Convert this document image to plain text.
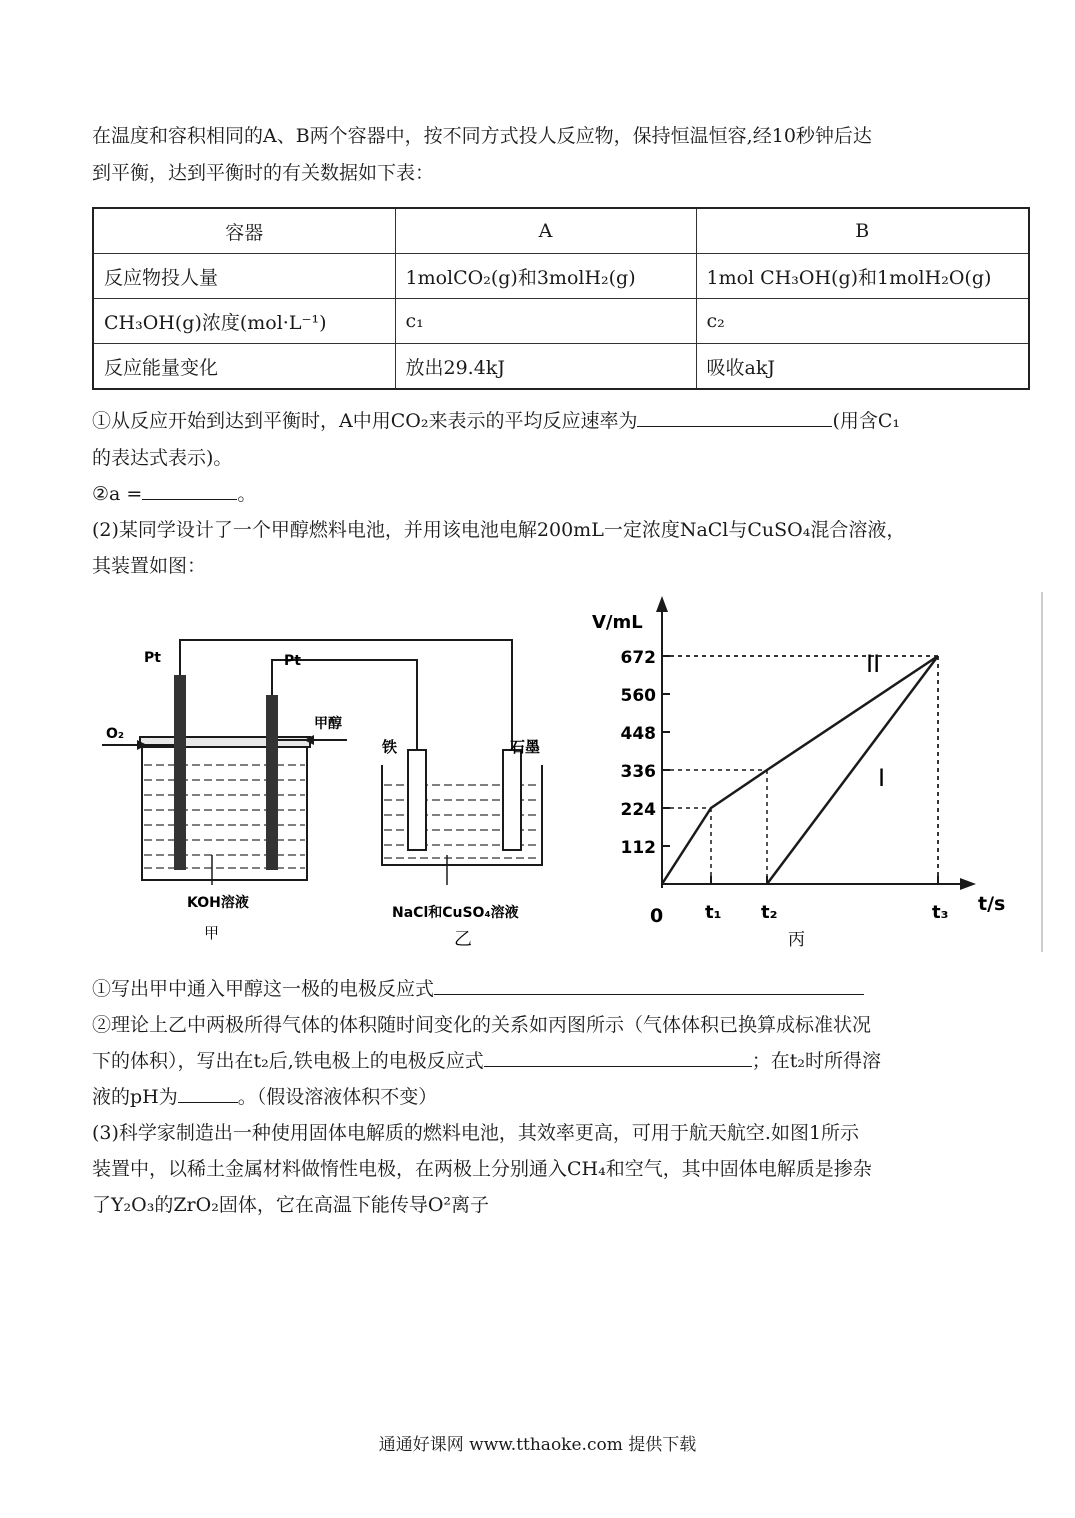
在温度和容积相同的A、B两个容器中，按不同方式投人反应物，保持恒温恒容,经10秒钟后达
到平衡，达到平衡时的有关数据如下表：
容器	A	B
反应物投人量	1molCO₂(g)和3molH₂(g)	1mol CH₃OH(g)和1molH₂O(g)
CH₃OH(g)浓度(mol·L⁻¹)	c₁	c₂
反应能量变化	放出29.4kJ	吸收akJ
①从反应开始到达到平衡时，A中用CO₂来表示的平均反应速率为	(用含C₁
的表达式表示)。
②a =	。
(2)某同学设计了一个甲醇燃料电池，并用该电池电解200mL一定浓度NaCl与CuSO₄混合溶液，
其装置如图：
Pt	Pt
O₂
甲醇
铁	石墨
KOH溶液
甲
NaCl和CuSO₄溶液
乙
V/mL
t/s
0
112
224
336
448
560
672
t₁ t₂	t₃
II
I
丙
①写出甲中通入甲醇这一极的电极反应式
②理论上乙中两极所得气体的体积随时间变化的关系如丙图所示（气体体积已换算成标准状况
下的体积），写出在t₂后,铁电极上的电极反应式	；在t₂时所得溶
液的pH为	。（假设溶液体积不变）
(3)科学家制造出一种使用固体电解质的燃料电池，其效率更高，可用于航天航空.如图1所示
装置中，以稀土金属材料做惰性电极，在两极上分别通入CH₄和空气，其中固体电解质是掺杂
了Y₂O₃的ZrO₂固体，它在高温下能传导O²离子
通通好课网 www.tthaoke.com 提供下载
